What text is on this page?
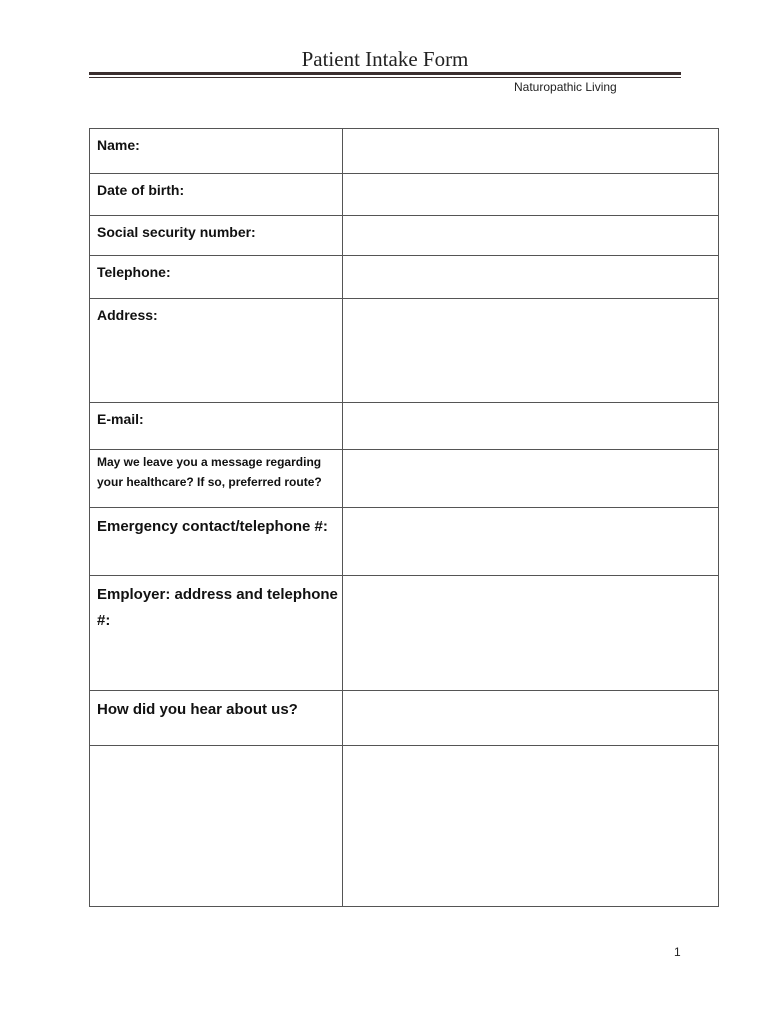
Patient Intake Form
Naturopathic Living
Name:

Date of birth:

Social security number:

Telephone:

Address:

E-mail:

May we leave you a message regarding your healthcare? If so, preferred route?

Emergency contact/telephone #:

Employer: address and telephone #:

How did you hear about us?

1
